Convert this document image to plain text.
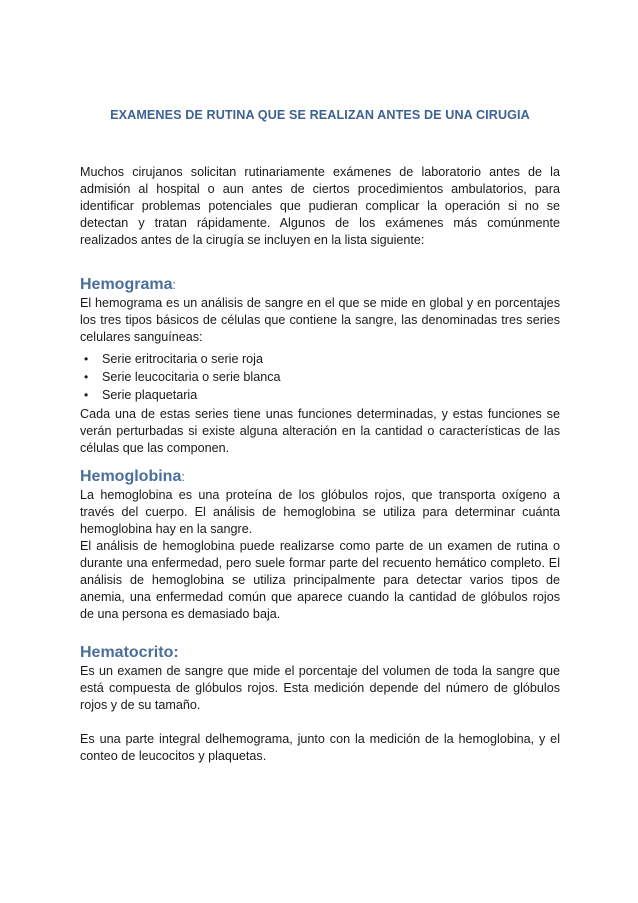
EXAMENES DE RUTINA QUE SE REALIZAN ANTES DE UNA CIRUGIA

Muchos cirujanos solicitan rutinariamente exámenes de laboratorio antes de la admisión al hospital o aun antes de ciertos procedimientos ambulatorios, para identificar problemas potenciales que pudieran complicar la operación si no se detectan y tratan rápidamente. Algunos de los exámenes más comúnmente realizados antes de la cirugía se incluyen en la lista siguiente:

Hemograma:

El hemograma es un análisis de sangre en el que se mide en global y en porcentajes los tres tipos básicos de células que contiene la sangre, las denominadas tres series celulares sanguíneas:

• Serie eritrocitaria o serie roja
• Serie leucocitaria o serie blanca
• Serie plaquetaria

Cada una de estas series tiene unas funciones determinadas, y estas funciones se verán perturbadas si existe alguna alteración en la cantidad o características de las células que las componen.

Hemoglobina:

La hemoglobina es una proteína de los glóbulos rojos, que transporta oxígeno a través del cuerpo. El análisis de hemoglobina se utiliza para determinar cuánta hemoglobina hay en la sangre.

El análisis de hemoglobina puede realizarse como parte de un examen de rutina o durante una enfermedad, pero suele formar parte del recuento hemático completo. El análisis de hemoglobina se utiliza principalmente para detectar varios tipos de anemia, una enfermedad común que aparece cuando la cantidad de glóbulos rojos de una persona es demasiado baja.

Hematocrito:

Es un examen de sangre que mide el porcentaje del volumen de toda la sangre que está compuesta de glóbulos rojos. Esta medición depende del número de glóbulos rojos y de su tamaño.

Es una parte integral delhemograma, junto con la medición de la hemoglobina, y el conteo de leucocitos y plaquetas.
